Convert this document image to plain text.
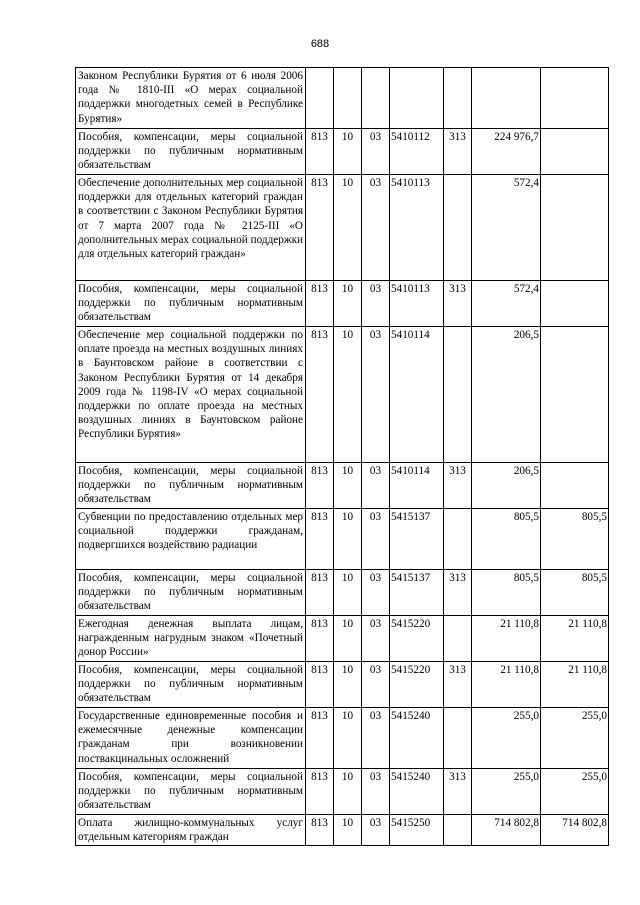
688
Законом Республики Бурятия от 6 июля 2006 года № 1810-III «О мерах социальной поддержки многодетных семей в Республике Бурятия»							
Пособия, компенсации, меры социальной поддержки по публичным нормативным обязательствам	813	10	03	5410112	313	224 976,7	
Обеспечение дополнительных мер социальной поддержки для отдельных категорий граждан в соответствии с Законом Республики Бурятия от 7 марта 2007 года № 2125-III «О дополнительных мерах социальной поддержки для отдельных категорий граждан»	813	10	03	5410113		572,4	
Пособия, компенсации, меры социальной поддержки по публичным нормативным обязательствам	813	10	03	5410113	313	572,4	
Обеспечение мер социальной поддержки по оплате проезда на местных воздушных линиях в Баунтовском районе в соответствии с Законом Республики Бурятия от 14 декабря 2009 года № 1198-IV «О мерах социальной поддержки по оплате проезда на местных воздушных линиях в Баунтовском районе Республики Бурятия»	813	10	03	5410114		206,5	
Пособия, компенсации, меры социальной поддержки по публичным нормативным обязательствам	813	10	03	5410114	313	206,5	
Субвенции по предоставлению отдельных мер социальной поддержки гражданам, подвергшихся воздействию радиации	813	10	03	5415137		805,5	805,5
Пособия, компенсации, меры социальной поддержки по публичным нормативным обязательствам	813	10	03	5415137	313	805,5	805,5
Ежегодная денежная выплата лицам, награжденным нагрудным знаком «Почетный донор России»	813	10	03	5415220		21 110,8	21 110,8
Пособия, компенсации, меры социальной поддержки по публичным нормативным обязательствам	813	10	03	5415220	313	21 110,8	21 110,8
Государственные единовременные пособия и ежемесячные денежные компенсации гражданам при возникновении поствакцинальных осложнений	813	10	03	5415240		255,0	255,0
Пособия, компенсации, меры социальной поддержки по публичным нормативным обязательствам	813	10	03	5415240	313	255,0	255,0
Оплата жилищно-коммунальных услуг отдельным категориям граждан	813	10	03	5415250		714 802,8	714 802,8
